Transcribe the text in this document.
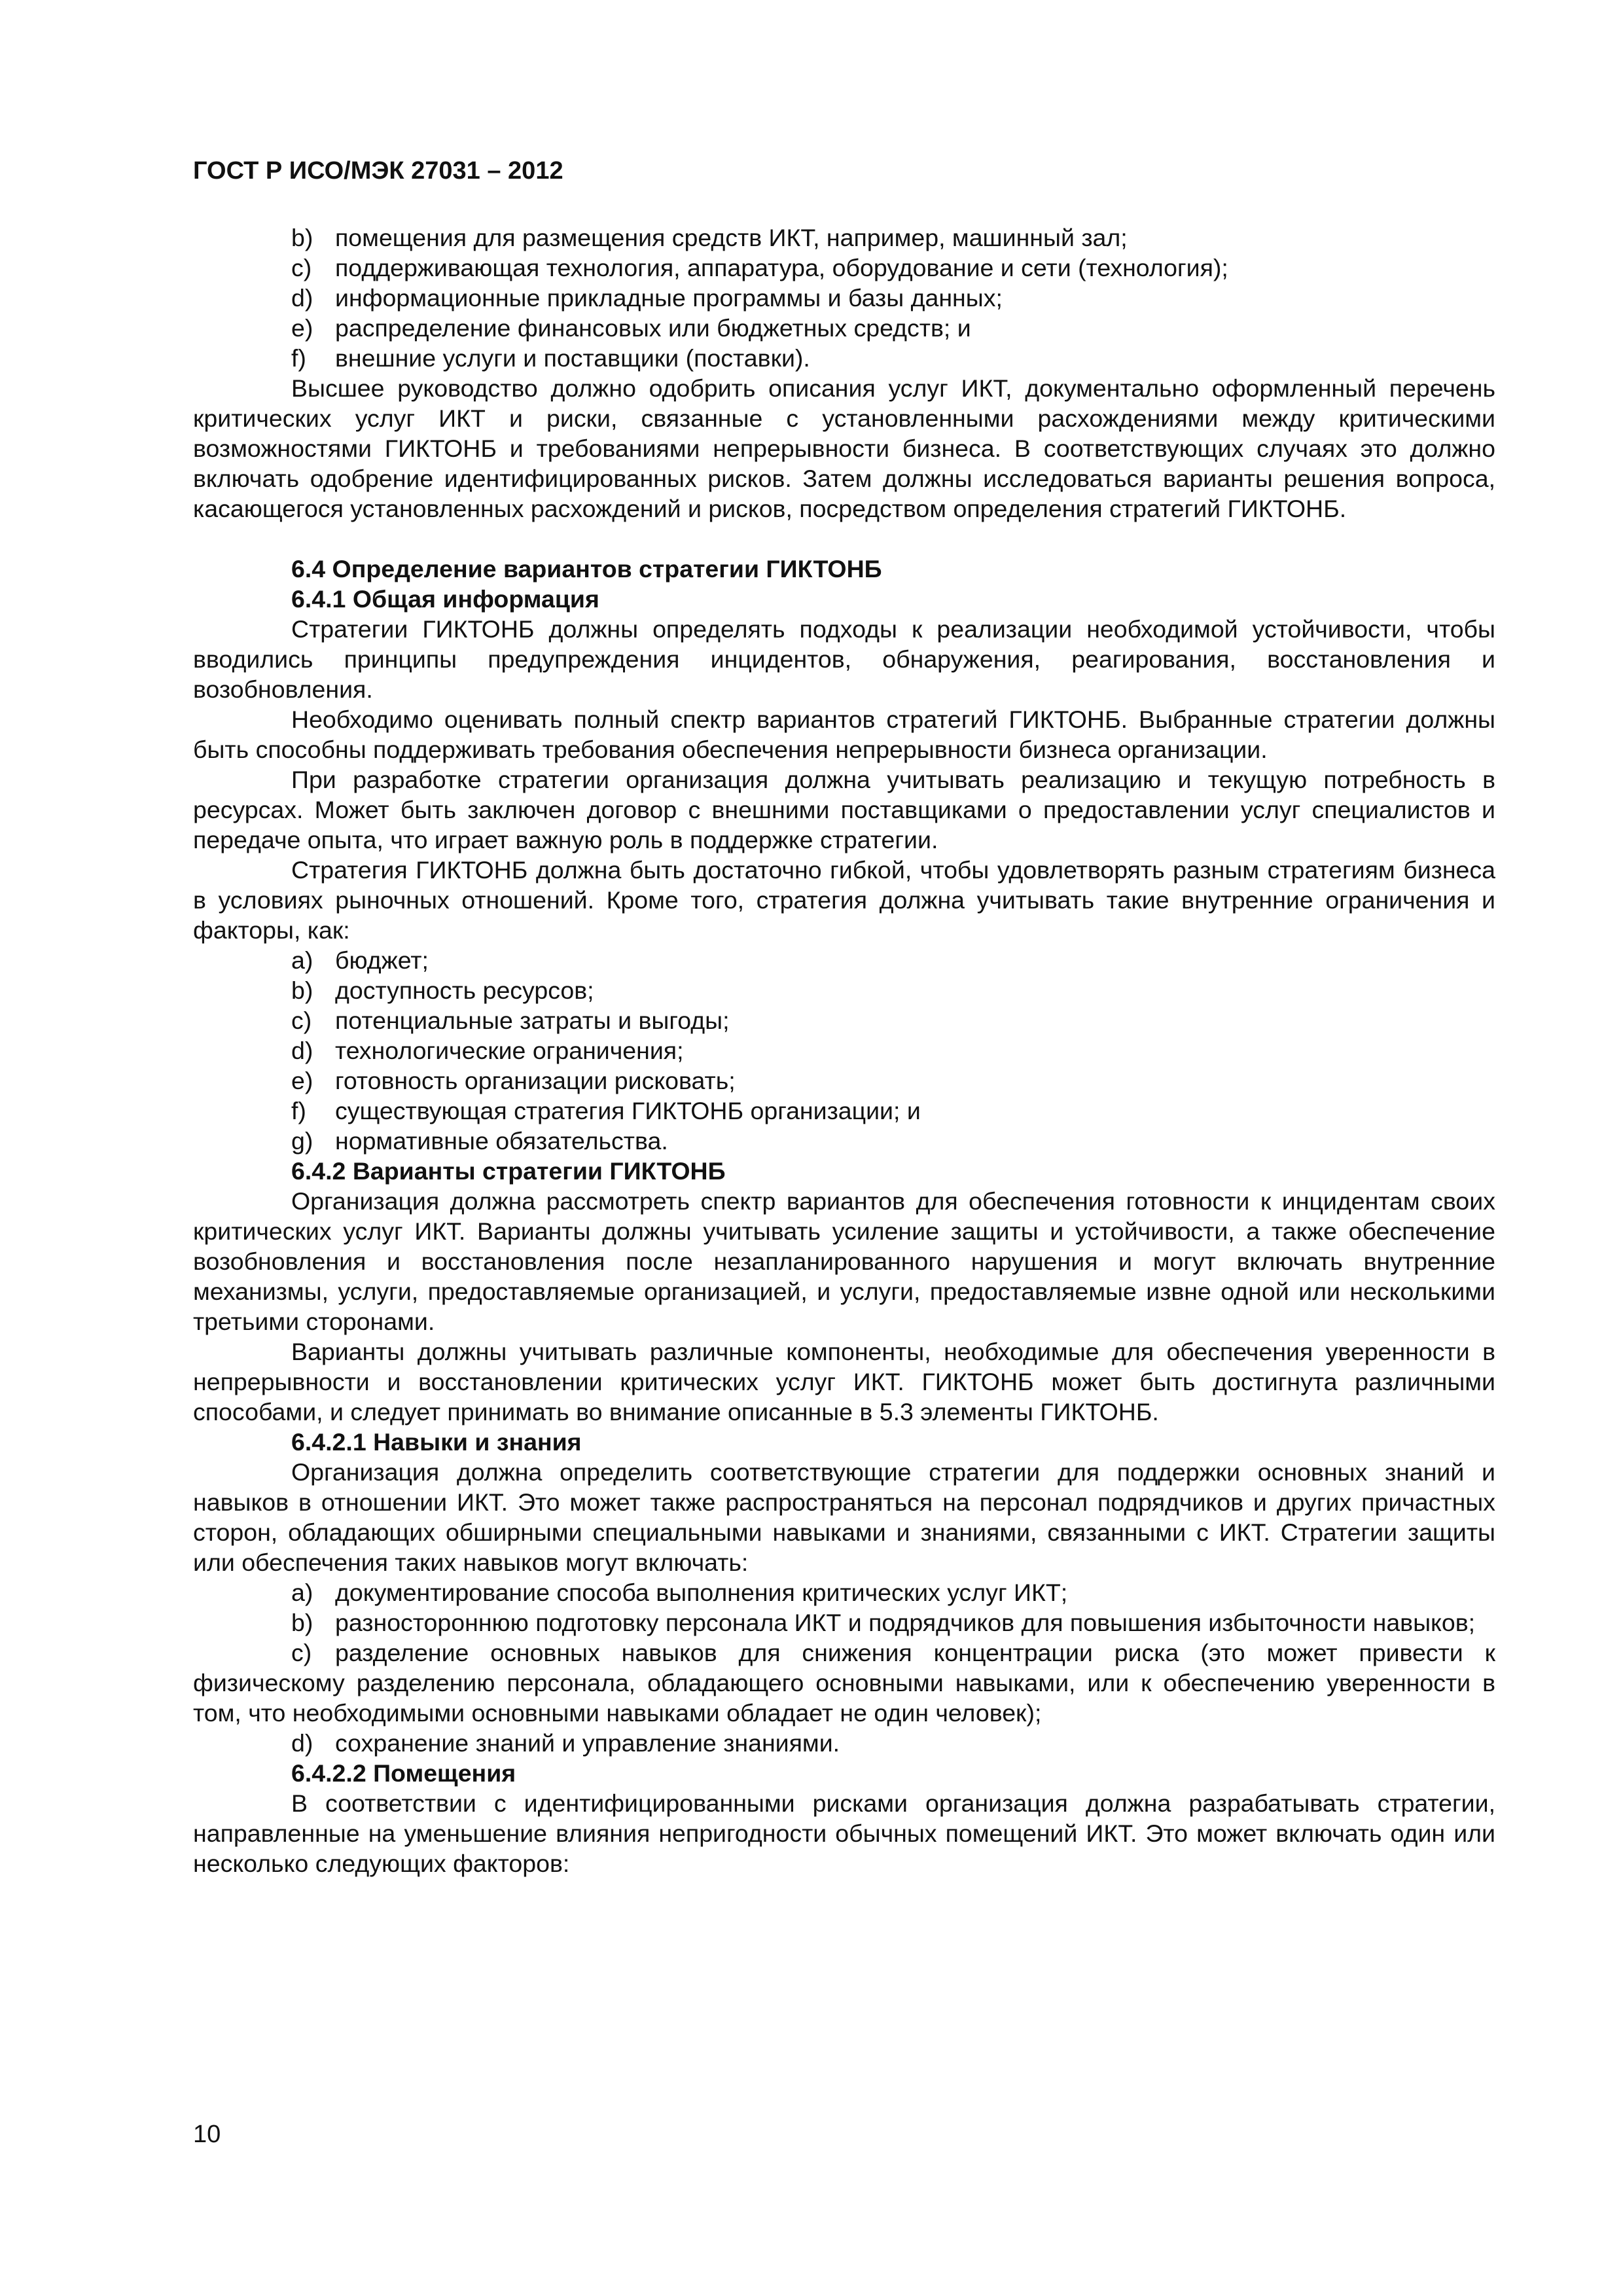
ГОСТ Р ИСО/МЭК 27031 – 2012
b) помещения для размещения средств ИКТ, например, машинный зал;
c) поддерживающая технология, аппаратура, оборудование и сети (технология);
d) информационные прикладные программы и базы данных;
e) распределение финансовых или бюджетных средств; и
f)	внешние услуги и поставщики (поставки).

Высшее руководство должно одобрить описания услуг ИКТ, документально оформленный перечень критических услуг ИКТ и риски, связанные с установленными расхождениями между критическими возможностями ГИКТОНБ и требованиями непрерывности бизнеса. В соответствующих случаях это должно включать одобрение идентифицированных рисков. Затем должны исследоваться варианты решения вопроса, касающегося установленных расхождений и рисков, посредством определения стратегий ГИКТОНБ.

6.4 Определение вариантов стратегии ГИКТОНБ

6.4.1 Общая информация

Стратегии ГИКТОНБ должны определять подходы к реализации необходимой устойчивости, чтобы вводились принципы предупреждения инцидентов, обнаружения, реагирования, восстановления и возобновления.

Необходимо оценивать полный спектр вариантов стратегий ГИКТОНБ. Выбранные стратегии должны быть способны поддерживать требования обеспечения непрерывности бизнеса организации.

При разработке стратегии организация должна учитывать реализацию и текущую потребность в ресурсах. Может быть заключен договор с внешними поставщиками о предоставлении услуг специалистов и передаче опыта, что играет важную роль в поддержке стратегии.

Стратегия ГИКТОНБ должна быть достаточно гибкой, чтобы удовлетворять разным стратегиям бизнеса в условиях рыночных отношений. Кроме того, стратегия должна учитывать такие внутренние ограничения и факторы, как:

a) бюджет;
b) доступность ресурсов;
c) потенциальные затраты и выгоды;
d) технологические ограничения;
e) готовность организации рисковать;
f)	существующая стратегия ГИКТОНБ организации; и
g) нормативные обязательства.

6.4.2 Варианты стратегии ГИКТОНБ

Организация должна рассмотреть спектр вариантов для обеспечения готовности к инцидентам своих критических услуг ИКТ. Варианты должны учитывать усиление защиты и устойчивости, а также обеспечение возобновления и восстановления после незапланированного нарушения и могут включать внутренние механизмы, услуги, предоставляемые организацией, и услуги, предоставляемые извне одной или несколькими третьими сторонами.

Варианты должны учитывать различные компоненты, необходимые для обеспечения уверенности в непрерывности и восстановлении критических услуг ИКТ. ГИКТОНБ может быть достигнута различными способами, и следует принимать во внимание описанные в 5.3 элементы ГИКТОНБ.

6.4.2.1 Навыки и знания

Организация должна определить соответствующие стратегии для поддержки основных знаний и навыков в отношении ИКТ. Это может также распространяться на персонал подрядчиков и других причастных сторон, обладающих обширными специальными навыками и знаниями, связанными с ИКТ. Стратегии защиты или обеспечения таких навыков могут включать:

a) документирование способа выполнения критических услуг ИКТ;
b) разностороннюю подготовку персонала ИКТ и подрядчиков для повышения избыточности навыков;
c) разделение основных навыков для снижения концентрации риска (это может привести к физическому разделению персонала, обладающего основными навыками, или к обеспечению уверенности в том, что необходимыми основными навыками обладает не один человек);
d) сохранение знаний и управление знаниями.

6.4.2.2 Помещения

В соответствии с идентифицированными рисками организация должна разрабатывать стратегии, направленные на уменьшение влияния непригодности обычных помещений ИКТ. Это может включать один или несколько следующих факторов:

10
